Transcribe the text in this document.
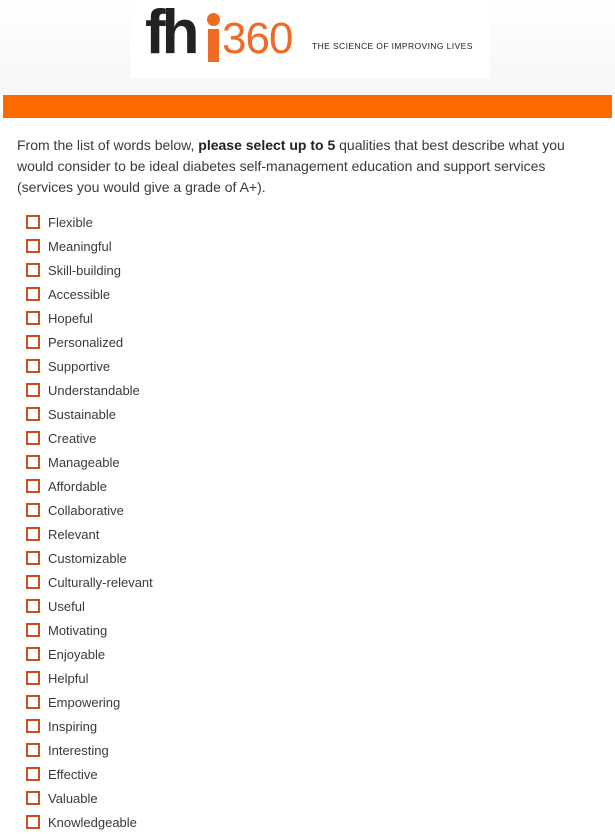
fh 360 THE SCIENCE OF IMPROVING LIVES
From the list of words below, please select up to 5 qualities that best describe what you would consider to be ideal diabetes self-management education and support services (services you would give a grade of A+).
Flexible
Meaningful
Skill-building
Accessible
Hopeful
Personalized
Supportive
Understandable
Sustainable
Creative
Manageable
Affordable
Collaborative
Relevant
Customizable
Culturally-relevant
Useful
Motivating
Enjoyable
Helpful
Empowering
Inspiring
Interesting
Effective
Valuable
Knowledgeable
